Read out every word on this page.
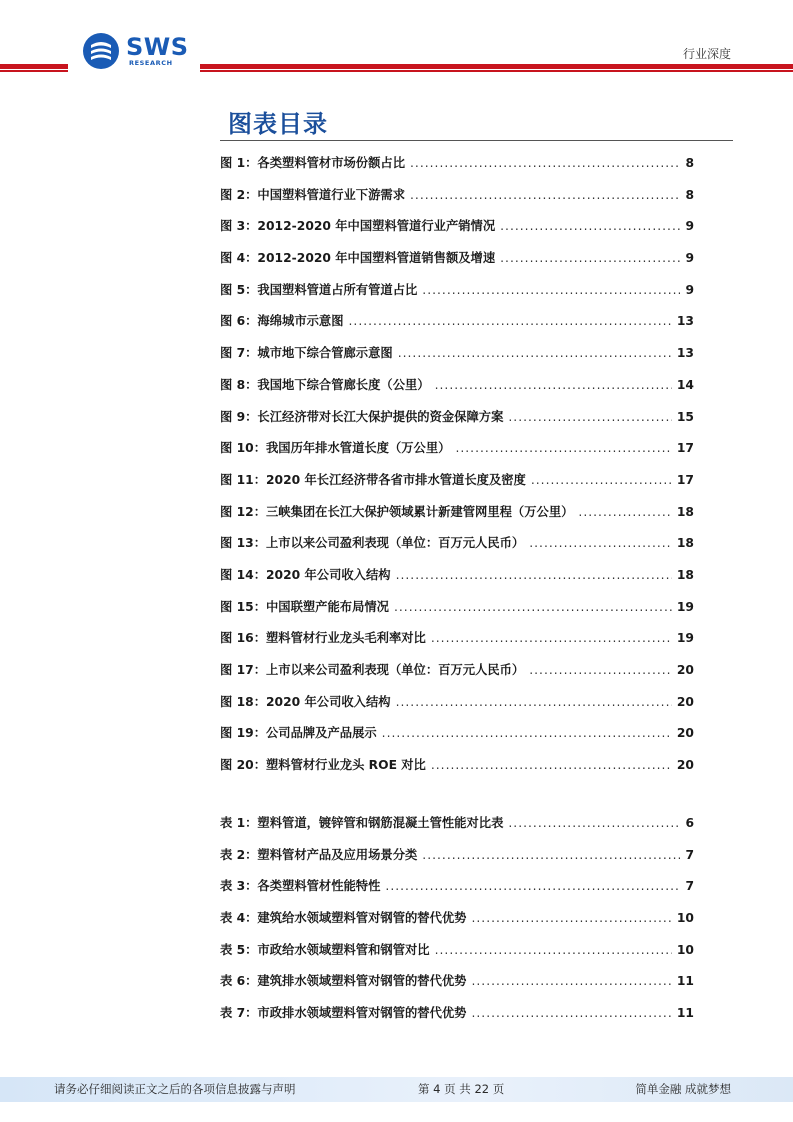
SWS
RESEARCH
行业深度
图表目录
图 1：各类塑料管材市场份额占比 .....	8
图 2：中国塑料管道行业下游需求 .....	8
图 3：2012-2020 年中国塑料管道行业产销情况 .....	9
图 4：2012-2020 年中国塑料管道销售额及增速 .....	9
图 5：我国塑料管道占所有管道占比 .....	9
图 6：海绵城市示意图 .....	13
图 7：城市地下综合管廊示意图 .....	13
图 8：我国地下综合管廊长度（公里） .....	14
图 9：长江经济带对长江大保护提供的资金保障方案 .....	15
图 10：我国历年排水管道长度（万公里） .....	17
图 11：2020 年长江经济带各省市排水管道长度及密度 .....	17
图 12：三峡集团在长江大保护领域累计新建管网里程（万公里） .....	18
图 13：上市以来公司盈利表现（单位：百万元人民币） .....	18
图 14：2020 年公司收入结构 .....	18
图 15：中国联塑产能布局情况 .....	19
图 16：塑料管材行业龙头毛利率对比 .....	19
图 17：上市以来公司盈利表现（单位：百万元人民币） .....	20
图 18：2020 年公司收入结构 .....	20
图 19：公司品牌及产品展示 .....	20
图 20：塑料管材行业龙头 ROE 对比 .....	20
表 1：塑料管道，镀锌管和钢筋混凝土管性能对比表 .....	6
表 2：塑料管材产品及应用场景分类 .....	7
表 3：各类塑料管材性能特性 .....	7
表 4：建筑给水领域塑料管对钢管的替代优势 .....	10
表 5：市政给水领域塑料管和钢管对比 .....	10
表 6：建筑排水领域塑料管对钢管的替代优势 .....	11
表 7：市政排水领域塑料管对钢管的替代优势 .....	11
请务必仔细阅读正文之后的各项信息披露与声明	第 4 页 共 22 页	简单金融 成就梦想
